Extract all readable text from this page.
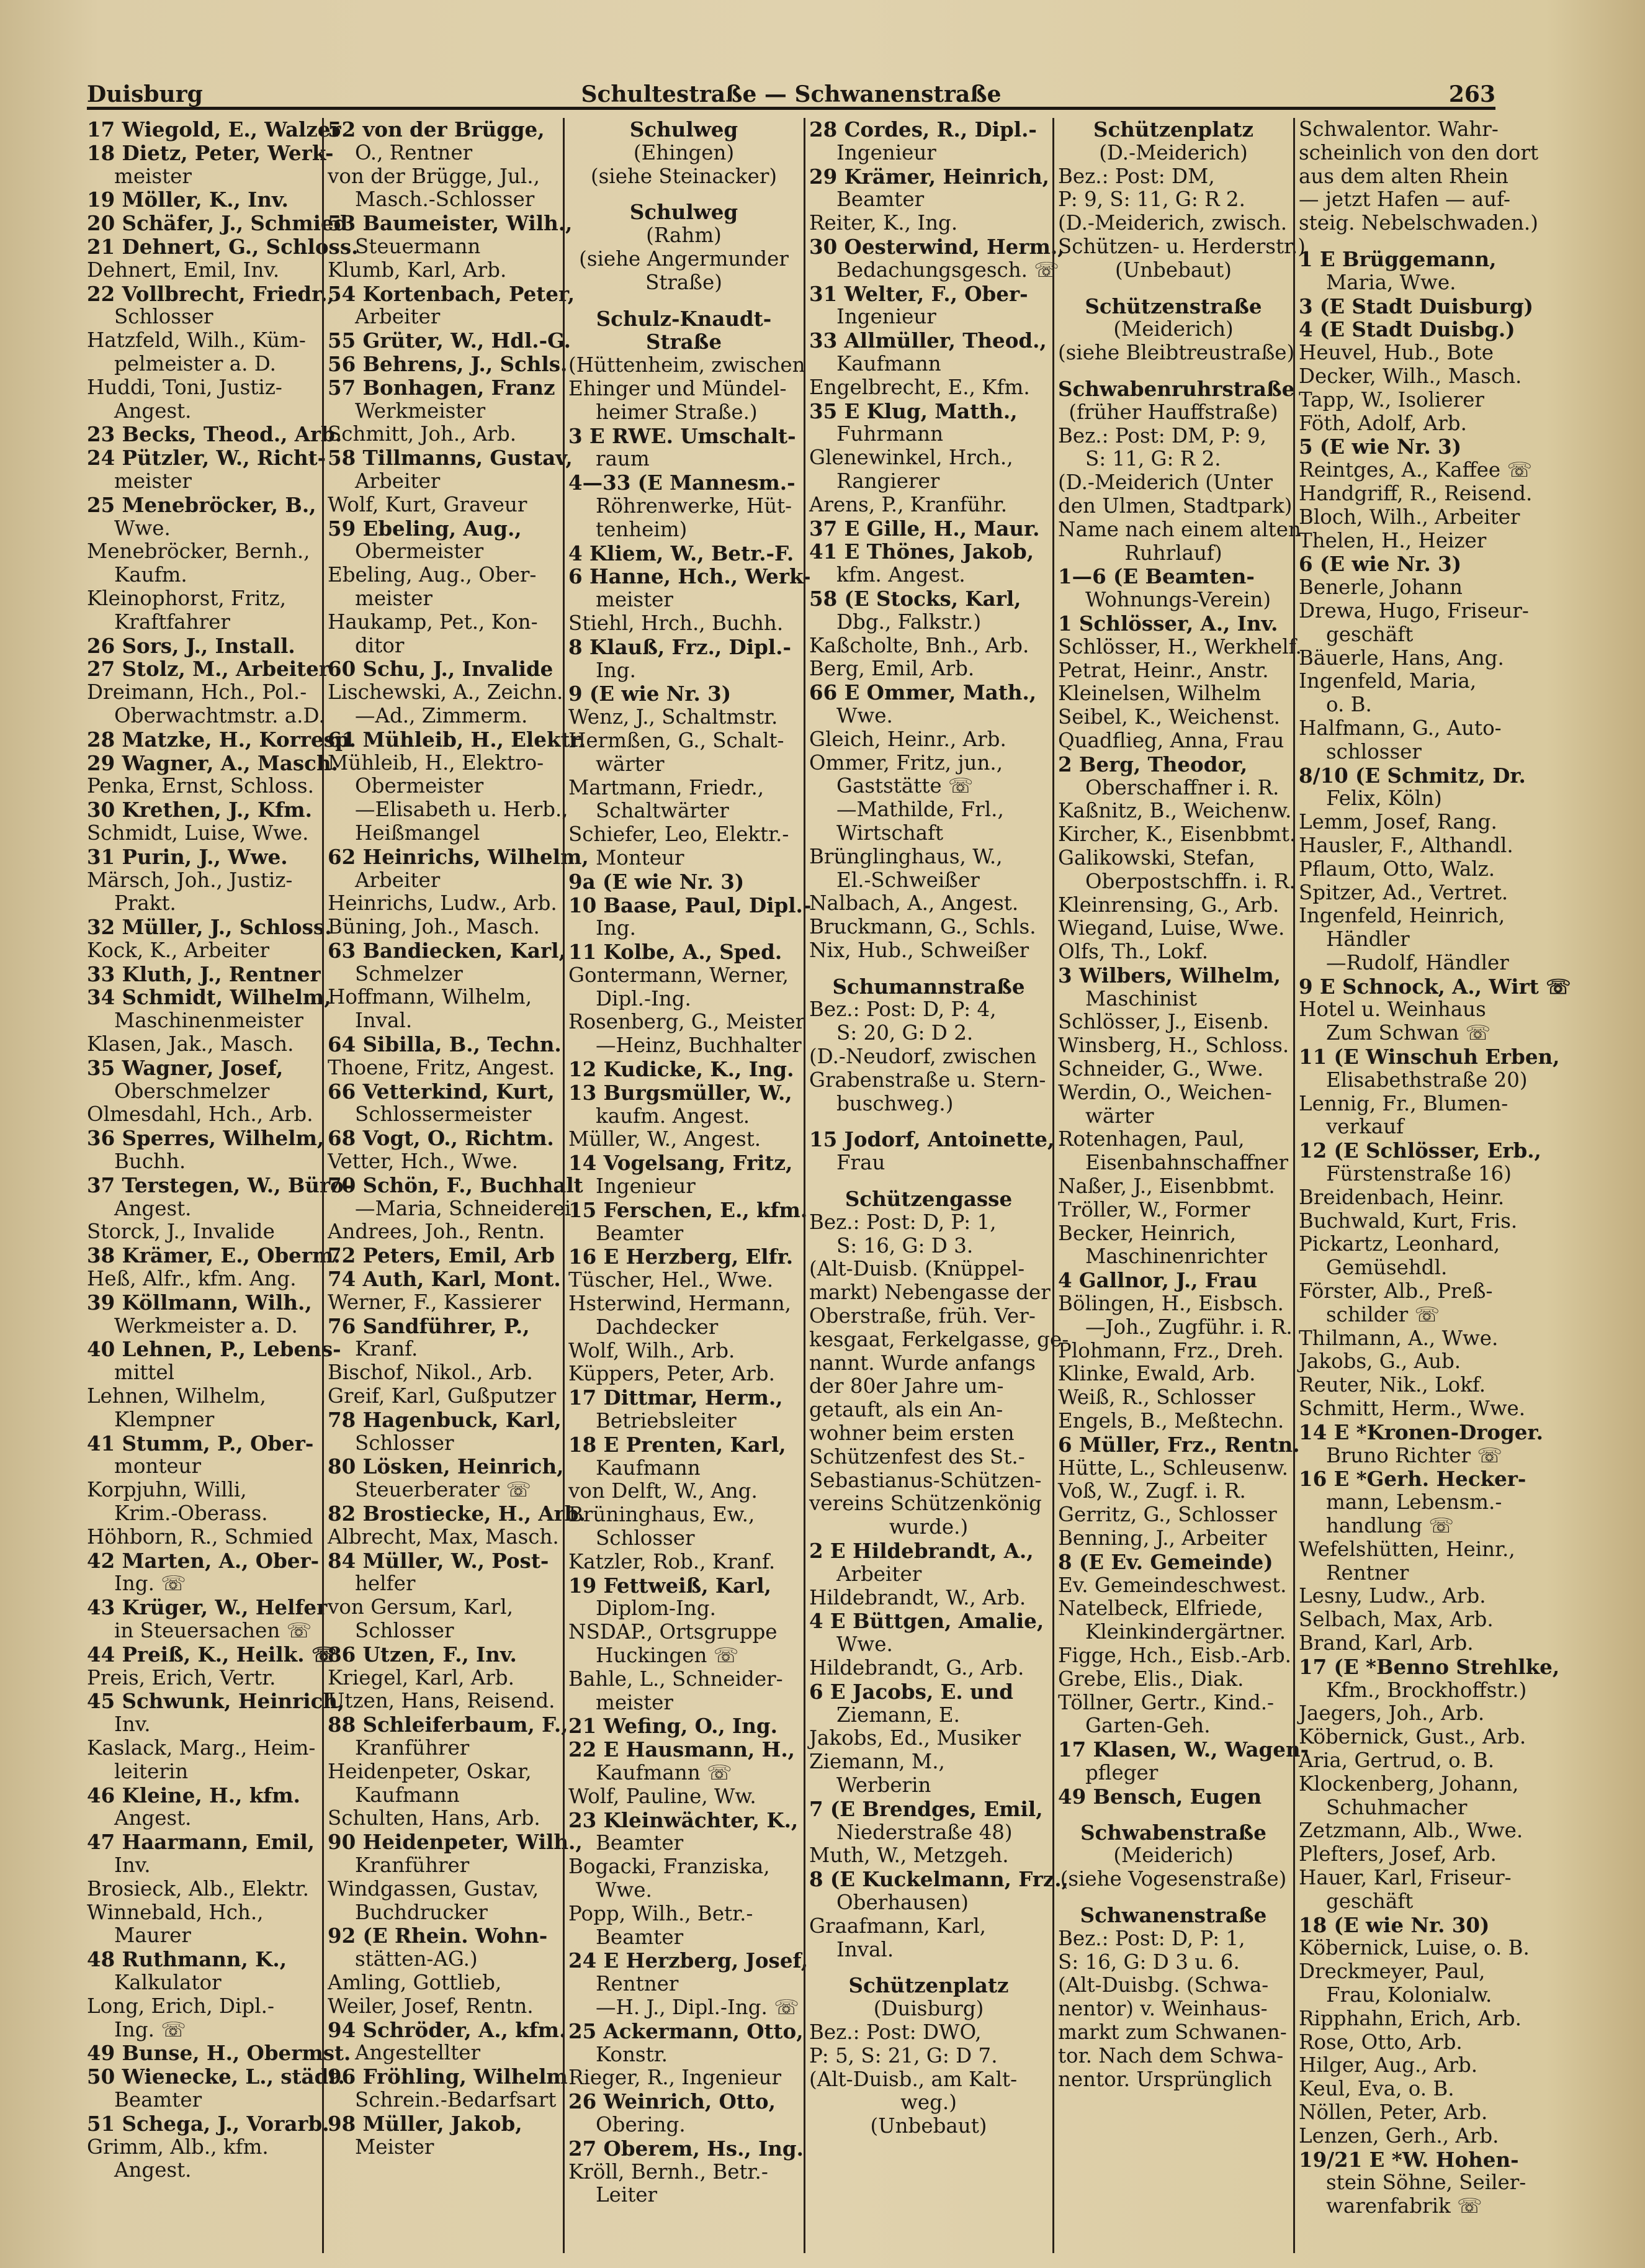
Duisburg	Schultestraße — Schwanenstraße	263
17 Wiegold, E., Walzer
18 Dietz, Peter, Werk-
meister
19 Möller, K., Inv.
20 Schäfer, J., Schmied
21 Dehnert, G., Schloss.
Dehnert, Emil, Inv.
22 Vollbrecht, Friedr.,
Schlosser
Hatzfeld, Wilh., Küm-
pelmeister a. D.
Huddi, Toni, Justiz-
Angest.
23 Becks, Theod., Arb.
24 Pützler, W., Richt-
meister
25 Menebröcker, B.,
Wwe.
Menebröcker, Bernh.,
Kaufm.
Kleinophorst, Fritz,
Kraftfahrer
26 Sors, J., Install.
27 Stolz, M., Arbeiter
Dreimann, Hch., Pol.-
Oberwachtmstr. a.D.
28 Matzke, H., Korresp.
29 Wagner, A., Masch.
Penka, Ernst, Schloss.
30 Krethen, J., Kfm.
Schmidt, Luise, Wwe.
31 Purin, J., Wwe.
Märsch, Joh., Justiz-
Prakt.
32 Müller, J., Schloss.
Kock, K., Arbeiter
33 Kluth, J., Rentner
34 Schmidt, Wilhelm,
Maschinenmeister
Klasen, Jak., Masch.
35 Wagner, Josef,
Oberschmelzer
Olmesdahl, Hch., Arb.
36 Sperres, Wilhelm,
Buchh.
37 Terstegen, W., Büro-
Angest.
Storck, J., Invalide
38 Krämer, E., Oberm.
Heß, Alfr., kfm. Ang.
39 Köllmann, Wilh.,
Werkmeister a. D.
40 Lehnen, P., Lebens-
mittel
Lehnen, Wilhelm,
Klempner
41 Stumm, P., Ober-
monteur
Korpjuhn, Willi,
Krim.-Oberass.
Höhborn, R., Schmied
42 Marten, A., Ober-
Ing. ☏
43 Krüger, W., Helfer
in Steuersachen ☏
44 Preiß, K., Heilk. ☏
Preis, Erich, Vertr.
45 Schwunk, Heinrich,
Inv.
Kaslack, Marg., Heim-
leiterin
46 Kleine, H., kfm.
Angest.
47 Haarmann, Emil,
Inv.
Brosieck, Alb., Elektr.
Winnebald, Hch.,
Maurer
48 Ruthmann, K.,
Kalkulator
Long, Erich, Dipl.-
Ing. ☏
49 Bunse, H., Obermst.
50 Wienecke, L., städt.
Beamter
51 Schega, J., Vorarb.
Grimm, Alb., kfm.
Angest.
52 von der Brügge,
O., Rentner
von der Brügge, Jul.,
Masch.-Schlosser
53 Baumeister, Wilh.,
Steuermann
Klumb, Karl, Arb.
54 Kortenbach, Peter,
Arbeiter
55 Grüter, W., Hdl.-G.
56 Behrens, J., Schls.
57 Bonhagen, Franz
Werkmeister
Schmitt, Joh., Arb.
58 Tillmanns, Gustav,
Arbeiter
Wolf, Kurt, Graveur
59 Ebeling, Aug.,
Obermeister
Ebeling, Aug., Ober-
meister
Haukamp, Pet., Kon-
ditor
60 Schu, J., Invalide
Lischewski, A., Zeichn.
—Ad., Zimmerm.
61 Mühleib, H., Elektr.
Mühleib, H., Elektro-
Obermeister
—Elisabeth u. Herb.,
Heißmangel
62 Heinrichs, Wilhelm,
Arbeiter
Heinrichs, Ludw., Arb.
Büning, Joh., Masch.
63 Bandiecken, Karl,
Schmelzer
Hoffmann, Wilhelm,
Inval.
64 Sibilla, B., Techn.
Thoene, Fritz, Angest.
66 Vetterkind, Kurt,
Schlossermeister
68 Vogt, O., Richtm.
Vetter, Hch., Wwe.
70 Schön, F., Buchhalt
—Maria, Schneiderei
Andrees, Joh., Rentn.
72 Peters, Emil, Arb
74 Auth, Karl, Mont.
Werner, F., Kassierer
76 Sandführer, P.,
Kranf.
Bischof, Nikol., Arb.
Greif, Karl, Gußputzer
78 Hagenbuck, Karl,
Schlosser
80 Lösken, Heinrich,
Steuerberater ☏
82 Brostiecke, H., Arb.
Albrecht, Max, Masch.
84 Müller, W., Post-
helfer
von Gersum, Karl,
Schlosser
86 Utzen, F., Inv.
Kriegel, Karl, Arb.
Utzen, Hans, Reisend.
88 Schleiferbaum, F.,
Kranführer
Heidenpeter, Oskar,
Kaufmann
Schulten, Hans, Arb.
90 Heidenpeter, Wilh.,
Kranführer
Windgassen, Gustav,
Buchdrucker
92 (E Rhein. Wohn-
stätten-AG.)
Amling, Gottlieb,
Weiler, Josef, Rentn.
94 Schröder, A., kfm.
Angestellter
96 Fröhling, Wilhelm
Schrein.-Bedarfsart
98 Müller, Jakob,
Meister
Schulweg
(Ehingen)
(siehe Steinacker)
Schulweg
(Rahm)
(siehe Angermunder
Straße)
Schulz-Knaudt-
Straße
(Hüttenheim, zwischen
Ehinger und Mündel-
heimer Straße.)
3 E RWE. Umschalt-
raum
4—33 (E Mannesm.-
Röhrenwerke, Hüt-
tenheim)
4 Kliem, W., Betr.-F.
6 Hanne, Hch., Werk-
meister
Stiehl, Hrch., Buchh.
8 Klauß, Frz., Dipl.-
Ing.
9 (E wie Nr. 3)
Wenz, J., Schaltmstr.
Hermßen, G., Schalt-
wärter
Martmann, Friedr.,
Schaltwärter
Schiefer, Leo, Elektr.-
Monteur
9a (E wie Nr. 3)
10 Baase, Paul, Dipl.-
Ing.
11 Kolbe, A., Sped.
Gontermann, Werner,
Dipl.-Ing.
Rosenberg, G., Meister
—Heinz, Buchhalter
12 Kudicke, K., Ing.
13 Burgsmüller, W.,
kaufm. Angest.
Müller, W., Angest.
14 Vogelsang, Fritz,
Ingenieur
15 Ferschen, E., kfm.
Beamter
16 E Herzberg, Elfr.
Tüscher, Hel., Wwe.
Hsterwind, Hermann,
Dachdecker
Wolf, Wilh., Arb.
Küppers, Peter, Arb.
17 Dittmar, Herm.,
Betriebsleiter
18 E Prenten, Karl,
Kaufmann
von Delft, W., Ang.
Brüninghaus, Ew.,
Schlosser
Katzler, Rob., Kranf.
19 Fettweiß, Karl,
Diplom-Ing.
NSDAP., Ortsgruppe
Huckingen ☏
Bahle, L., Schneider-
meister
21 Wefing, O., Ing.
22 E Hausmann, H.,
Kaufmann ☏
Wolf, Pauline, Ww.
23 Kleinwächter, K.,
Beamter
Bogacki, Franziska,
Wwe.
Popp, Wilh., Betr.-
Beamter
24 E Herzberg, Josef,
Rentner
—H. J., Dipl.-Ing. ☏
25 Ackermann, Otto,
Konstr.
Rieger, R., Ingenieur
26 Weinrich, Otto,
Obering.
27 Oberem, Hs., Ing.
Kröll, Bernh., Betr.-
Leiter
28 Cordes, R., Dipl.-
Ingenieur
29 Krämer, Heinrich,
Beamter
Reiter, K., Ing.
30 Oesterwind, Herm.,
Bedachungsgesch. ☏
31 Welter, F., Ober-
Ingenieur
33 Allmüller, Theod.,
Kaufmann
Engelbrecht, E., Kfm.
35 E Klug, Matth.,
Fuhrmann
Glenewinkel, Hrch.,
Rangierer
Arens, P., Kranführ.
37 E Gille, H., Maur.
41 E Thönes, Jakob,
kfm. Angest.
58 (E Stocks, Karl,
Dbg., Falkstr.)
Kaßcholte, Bnh., Arb.
Berg, Emil, Arb.
66 E Ommer, Math.,
Wwe.
Gleich, Heinr., Arb.
Ommer, Fritz, jun.,
Gaststätte ☏
—Mathilde, Frl.,
Wirtschaft
Brünglinghaus, W.,
El.-Schweißer
Nalbach, A., Angest.
Bruckmann, G., Schls.
Nix, Hub., Schweißer
Schumannstraße
Bez.: Post: D, P: 4,
S: 20, G: D 2.
(D.-Neudorf, zwischen
Grabenstraße u. Stern-
buschweg.)
15 Jodorf, Antoinette,
Frau
Schützengasse
Bez.: Post: D, P: 1,
S: 16, G: D 3.
(Alt-Duisb. (Knüppel-
markt) Nebengasse der
Oberstraße, früh. Ver-
kesgaat, Ferkelgasse, ge-
nannt. Wurde anfangs
der 80er Jahre um-
getauft, als ein An-
wohner beim ersten
Schützenfest des St.-
Sebastianus-Schützen-
vereins Schützenkönig
wurde.)
2 E Hildebrandt, A.,
Arbeiter
Hildebrandt, W., Arb.
4 E Büttgen, Amalie,
Wwe.
Hildebrandt, G., Arb.
6 E Jacobs, E. und
Ziemann, E.
Jakobs, Ed., Musiker
Ziemann, M.,
Werberin
7 (E Brendges, Emil,
Niederstraße 48)
Muth, W., Metzgeh.
8 (E Kuckelmann, Frz.,
Oberhausen)
Graafmann, Karl,
Inval.
Schützenplatz
(Duisburg)
Bez.: Post: DWO,
P: 5, S: 21, G: D 7.
(Alt-Duisb., am Kalt-
weg.)
(Unbebaut)
Schützenplatz
(D.-Meiderich)
Bez.: Post: DM,
P: 9, S: 11, G: R 2.
(D.-Meiderich, zwisch.
Schützen- u. Herderstr.)
(Unbebaut)
Schützenstraße
(Meiderich)
(siehe Bleibtreustraße)
Schwabenruhrstraße
(früher Hauffstraße)
Bez.: Post: DM, P: 9,
S: 11, G: R 2.
(D.-Meiderich (Unter
den Ulmen, Stadtpark)
Name nach einem alten
Ruhrlauf)
1—6 (E Beamten-
Wohnungs-Verein)
1 Schlösser, A., Inv.
Schlösser, H., Werkhelf.
Petrat, Heinr., Anstr.
Kleinelsen, Wilhelm
Seibel, K., Weichenst.
Quadflieg, Anna, Frau
2 Berg, Theodor,
Oberschaffner i. R.
Kaßnitz, B., Weichenw.
Kircher, K., Eisenbbmt.
Galikowski, Stefan,
Oberpostschffn. i. R.
Kleinrensing, G., Arb.
Wiegand, Luise, Wwe.
Olfs, Th., Lokf.
3 Wilbers, Wilhelm,
Maschinist
Schlösser, J., Eisenb.
Winsberg, H., Schloss.
Schneider, G., Wwe.
Werdin, O., Weichen-
wärter
Rotenhagen, Paul,
Eisenbahnschaffner
Naßer, J., Eisenbbmt.
Tröller, W., Former
Becker, Heinrich,
Maschinenrichter
4 Gallnor, J., Frau
Bölingen, H., Eisbsch.
—Joh., Zugführ. i. R.
Plohmann, Frz., Dreh.
Klinke, Ewald, Arb.
Weiß, R., Schlosser
Engels, B., Meßtechn.
6 Müller, Frz., Rentn.
Hütte, L., Schleusenw.
Voß, W., Zugf. i. R.
Gerritz, G., Schlosser
Benning, J., Arbeiter
8 (E Ev. Gemeinde)
Ev. Gemeindeschwest.
Natelbeck, Elfriede,
Kleinkindergärtner.
Figge, Hch., Eisb.-Arb.
Grebe, Elis., Diak.
Töllner, Gertr., Kind.-
Garten-Geh.
17 Klasen, W., Wagen-
pfleger
49 Bensch, Eugen
Schwabenstraße
(Meiderich)
(siehe Vogesenstraße)
Schwanenstraße
Bez.: Post: D, P: 1,
S: 16, G: D 3 u. 6.
(Alt-Duisbg. (Schwa-
nentor) v. Weinhaus-
markt zum Schwanen-
tor. Nach dem Schwa-
nentor. Ursprünglich
Schwalentor. Wahr-
scheinlich von den dort
aus dem alten Rhein
— jetzt Hafen — auf-
steig. Nebelschwaden.)
1 E Brüggemann,
Maria, Wwe.
3 (E Stadt Duisburg)
4 (E Stadt Duisbg.)
Heuvel, Hub., Bote
Decker, Wilh., Masch.
Tapp, W., Isolierer
Föth, Adolf, Arb.
5 (E wie Nr. 3)
Reintges, A., Kaffee ☏
Handgriff, R., Reisend.
Bloch, Wilh., Arbeiter
Thelen, H., Heizer
6 (E wie Nr. 3)
Benerle, Johann
Drewa, Hugo, Friseur-
geschäft
Bäuerle, Hans, Ang.
Ingenfeld, Maria,
o. B.
Halfmann, G., Auto-
schlosser
8/10 (E Schmitz, Dr.
Felix, Köln)
Lemm, Josef, Rang.
Hausler, F., Althandl.
Pflaum, Otto, Walz.
Spitzer, Ad., Vertret.
Ingenfeld, Heinrich,
Händler
—Rudolf, Händler
9 E Schnock, A., Wirt ☏
Hotel u. Weinhaus
Zum Schwan ☏
11 (E Winschuh Erben,
Elisabethstraße 20)
Lennig, Fr., Blumen-
verkauf
12 (E Schlösser, Erb.,
Fürstenstraße 16)
Breidenbach, Heinr.
Buchwald, Kurt, Fris.
Pickartz, Leonhard,
Gemüsehdl.
Förster, Alb., Preß-
schilder ☏
Thilmann, A., Wwe.
Jakobs, G., Aub.
Reuter, Nik., Lokf.
Schmitt, Herm., Wwe.
14 E *Kronen-Droger.
Bruno Richter ☏
16 E *Gerh. Hecker-
mann, Lebensm.-
handlung ☏
Wefelshütten, Heinr.,
Rentner
Lesny, Ludw., Arb.
Selbach, Max, Arb.
Brand, Karl, Arb.
17 (E *Benno Strehlke,
Kfm., Brockhoffstr.)
Jaegers, Joh., Arb.
Köbernick, Gust., Arb.
Aria, Gertrud, o. B.
Klockenberg, Johann,
Schuhmacher
Zetzmann, Alb., Wwe.
Plefters, Josef, Arb.
Hauer, Karl, Friseur-
geschäft
18 (E wie Nr. 30)
Köbernick, Luise, o. B.
Dreckmeyer, Paul,
Frau, Kolonialw.
Ripphahn, Erich, Arb.
Rose, Otto, Arb.
Hilger, Aug., Arb.
Keul, Eva, o. B.
Nöllen, Peter, Arb.
Lenzen, Gerh., Arb.
19/21 E *W. Hohen-
stein Söhne, Seiler-
warenfabrik ☏
